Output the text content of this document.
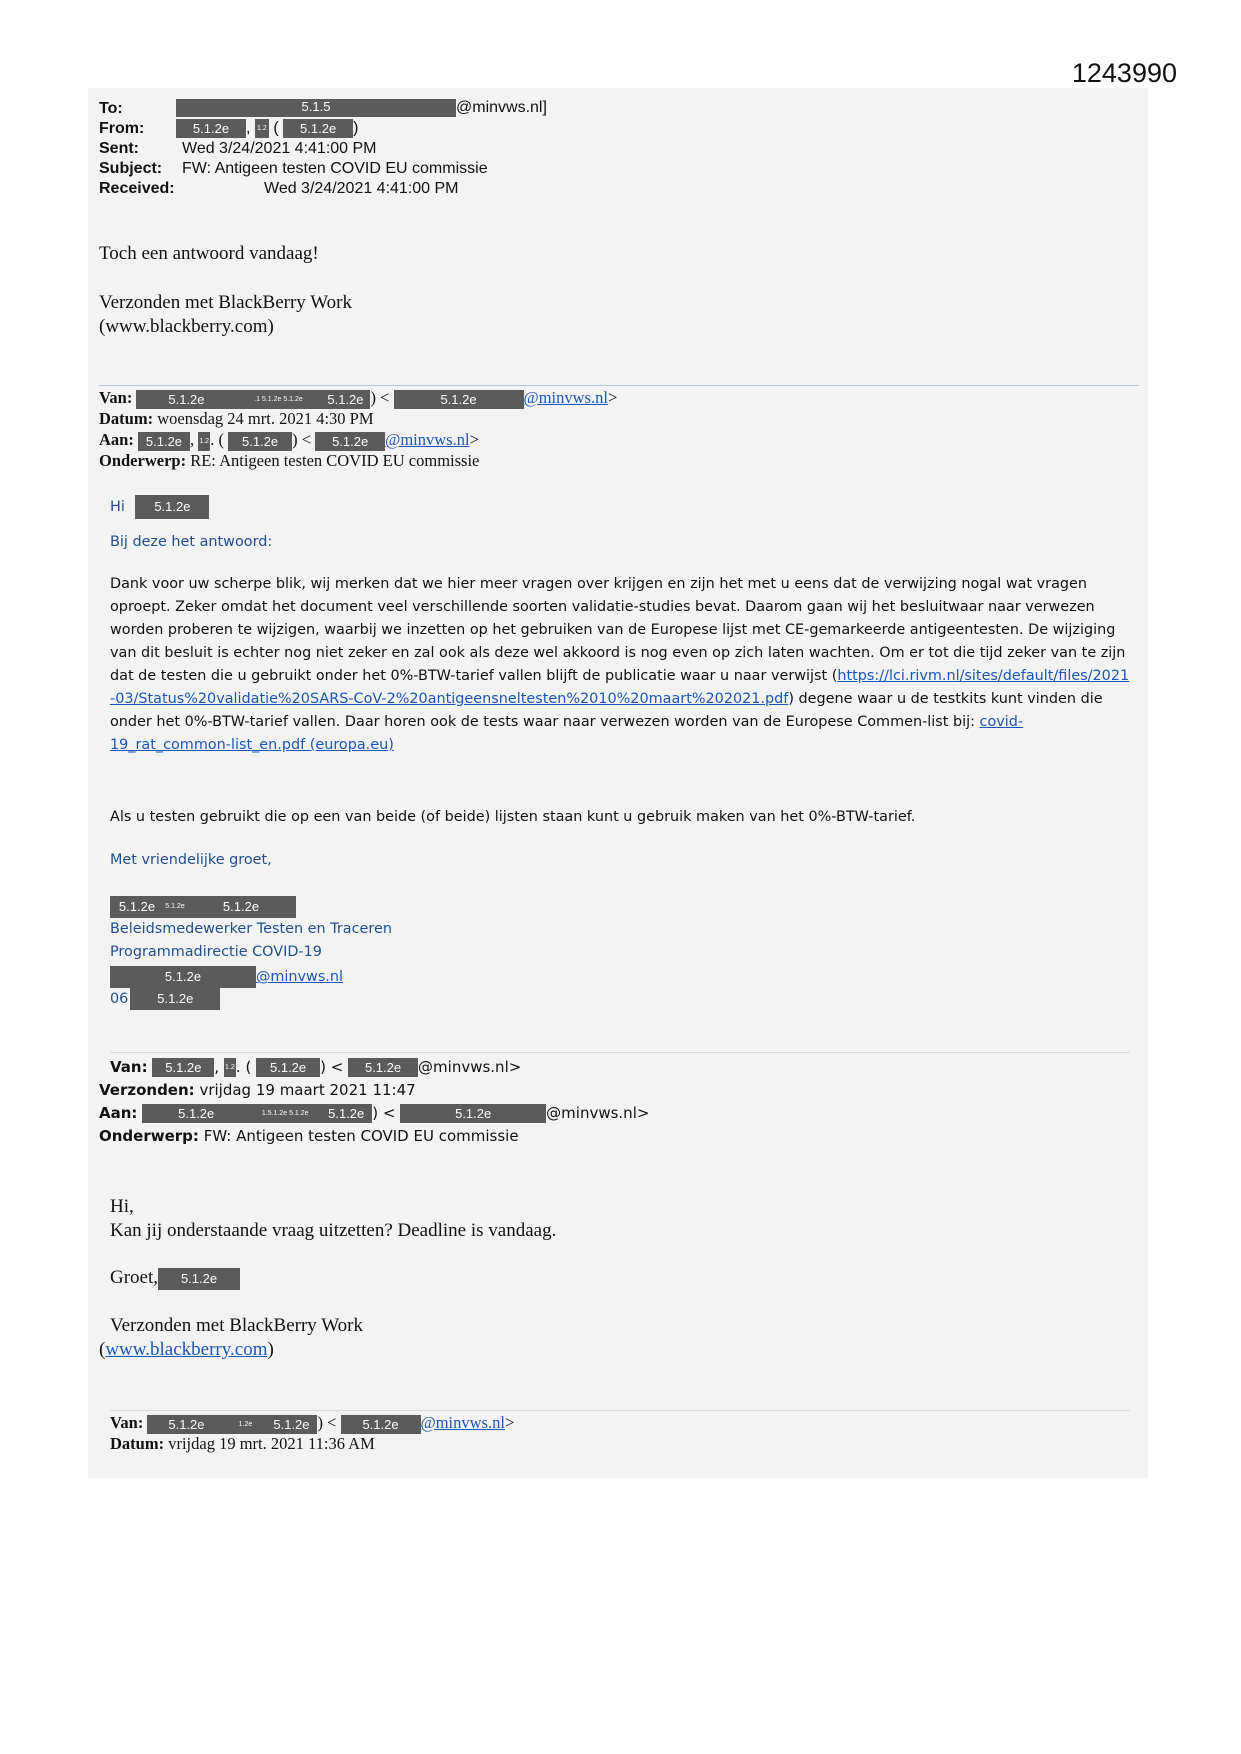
1243990
To:	5.1.5	@minvws.nl]
From:	5.1.2e , 1.2 ( 5.1.2e )
Sent:	Wed 3/24/2021 4:41:00 PM
Subject: FW: Antigeen testen COVID EU commissie
Received:	Wed 3/24/2021 4:41:00 PM
Toch een antwoord vandaag!
Verzonden met BlackBerry Work
(www.blackberry.com)
Van:	5.1.2e	.1 5.1.2e 5.1.2e 5.1.2e ) <	5.1.2e	@minvws.nl>
Datum: woensdag 24 mrt. 2021 4:30 PM
Aan: 5.1.2e , 1.2. ( 5.1.2e ) < 5.1.2e @minvws.nl>
Onderwerp: RE: Antigeen testen COVID EU commissie
Hi 5.1.2e
Bij deze het antwoord:
Dank voor uw scherpe blik, wij merken dat we hier meer vragen over krijgen en zijn het met u eens dat de verwijzing nogal wat vragen oproept. Zeker omdat het document veel verschillende soorten validatie-studies bevat. Daarom gaan wij het besluitwaar naar verwezen worden proberen te wijzigen, waarbij we inzetten op het gebruiken van de Europese lijst met CE-gemarkeerde antigeentesten. De wijziging van dit besluit is echter nog niet zeker en zal ook als deze wel akkoord is nog even op zich laten wachten. Om er tot die tijd zeker van te zijn dat de testen die u gebruikt onder het 0%-BTW-tarief vallen blijft de publicatie waar u naar verwijst (https://lci.rivm.nl/sites/default/files/2021-03/Status%20validatie%20SARS-CoV-2%20antigeensneltesten%2010%20maart%202021.pdf) degene waar u de testkits kunt vinden die onder het 0%-BTW-tarief vallen. Daar horen ook de tests waar naar verwezen worden van de Europese Commen-list bij: covid-19_rat_common-list_en.pdf (europa.eu)
Als u testen gebruikt die op een van beide (of beide) lijsten staan kunt u gebruik maken van het 0%-BTW-tarief.
Met vriendelijke groet,
5.1.2e 5.1.2e	5.1.2e
Beleidsmedewerker Testen en Traceren
Programmadirectie COVID-19
5.1.2e	@minvws.nl
06 5.1.2e
Van: 5.1.2e , 1.2. ( 5.1.2e ) < 5.1.2e @minvws.nl>
Verzonden: vrijdag 19 maart 2021 11:47
Aan:	5.1.2e	1.5.1.2e 5.1.2e 5.1.2e ) <	5.1.2e	@minvws.nl>
Onderwerp: FW: Antigeen testen COVID EU commissie
Hi,
Kan jij onderstaande vraag uitzetten? Deadline is vandaag.
Groet, 5.1.2e
Verzonden met BlackBerry Work
(www.blackberry.com)
Van: 5.1.2e	1.2e 5.1.2e ) < 5.1.2e @minvws.nl>
Datum: vrijdag 19 mrt. 2021 11:36 AM
